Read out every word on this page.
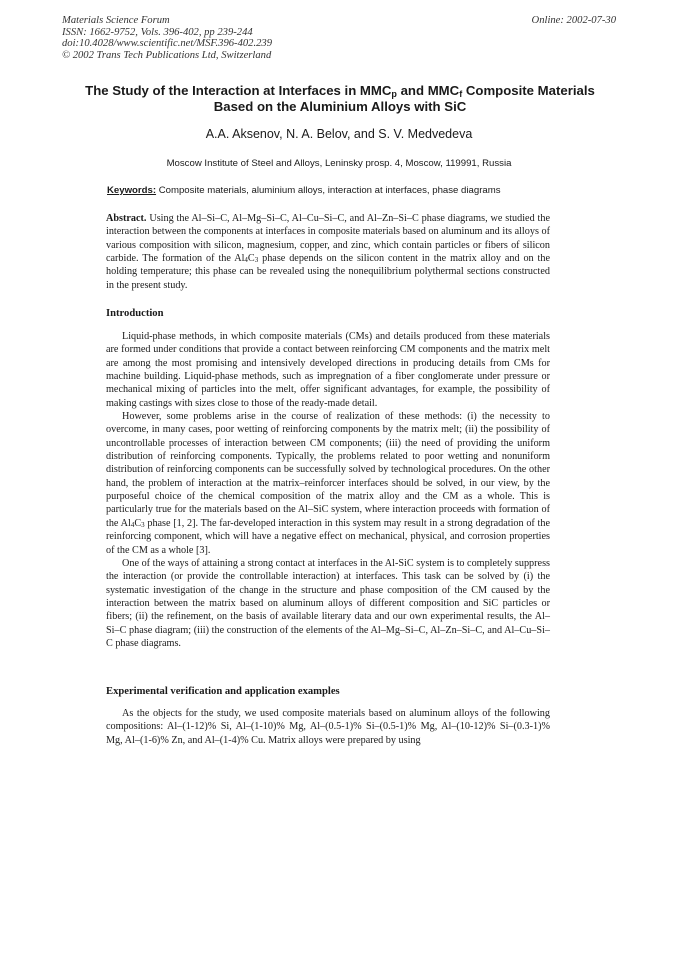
Materials Science Forum
ISSN: 1662-9752, Vols. 396-402, pp 239-244
doi:10.4028/www.scientific.net/MSF.396-402.239
© 2002 Trans Tech Publications Ltd, Switzerland
Online: 2002-07-30
The Study of the Interaction at Interfaces in $MMC_p$ and $MMC_f$ Composite Materials Based on the Aluminium Alloys with SiC
A.A. Aksenov, N. A. Belov, and S. V. Medvedeva
Moscow Institute of Steel and Alloys, Leninsky prosp. 4, Moscow, 119991, Russia
Keywords: Composite materials, aluminium alloys, interaction at interfaces, phase diagrams

Abstract. Using the Al–Si–C, Al–Mg–Si–C, Al–Cu–Si–C, and Al–Zn–Si–C phase diagrams, we studied the interaction between the components at interfaces in composite materials based on aluminum and its alloys of various composition with silicon, magnesium, copper, and zinc, which contain particles or fibers of silicon carbide. The formation of the $Al_4C_3$ phase depends on the silicon content in the matrix alloy and on the holding temperature; this phase can be revealed using the nonequilibrium polythermal sections constructed in the present study.

Introduction

Liquid-phase methods, in which composite materials (CMs) and details produced from these materials are formed under conditions that provide a contact between reinforcing CM components and the matrix melt are among the most promising and intensively developed directions in producing details from CMs for machine building. Liquid-phase methods, such as impregnation of a fiber conglomerate under pressure or mechanical mixing of particles into the melt, offer significant advantages, for example, the possibility of making castings with sizes close to those of the ready-made detail.

However, some problems arise in the course of realization of these methods: (i) the necessity to overcome, in many cases, poor wetting of reinforcing components by the matrix melt; (ii) the possibility of uncontrollable processes of interaction between CM components; (iii) the need of providing the uniform distribution of reinforcing components. Typically, the problems related to poor wetting and nonuniform distribution of reinforcing components can be successfully solved by technological procedures. On the other hand, the problem of interaction at the matrix–reinforcer interfaces should be solved, in our view, by the purposeful choice of the chemical composition of the matrix alloy and the CM as a whole. This is particularly true for the materials based on the Al–SiC system, where interaction proceeds with formation of the $Al_4C_3$ phase [1, 2]. The far-developed interaction in this system may result in a strong degradation of the reinforcing component, which will have a negative effect on mechanical, physical, and corrosion properties of the CM as a whole [3].

One of the ways of attaining a strong contact at interfaces in the Al-SiC system is to completely suppress the interaction (or provide the controllable interaction) at interfaces. This task can be solved by (i) the systematic investigation of the change in the structure and phase composition of the CM caused by the interaction between the matrix based on aluminum alloys of different composition and SiC particles or fibers; (ii) the refinement, on the basis of available literary data and our own experimental results, the Al–Si–C phase diagram; (iii) the construction of the elements of the Al–Mg–Si–C, Al–Zn–Si–C, and Al–Cu–Si–C phase diagrams.

Experimental verification and application examples

As the objects for the study, we used composite materials based on aluminum alloys of the following compositions: Al–(1-12)% Si, Al–(1-10)% Mg, Al–(0.5-1)% Si–(0.5-1)% Mg, Al–(10-12)% Si–(0.3-1)% Mg, Al–(1-6)% Zn, and Al–(1-4)% Cu. Matrix alloys were prepared by using
